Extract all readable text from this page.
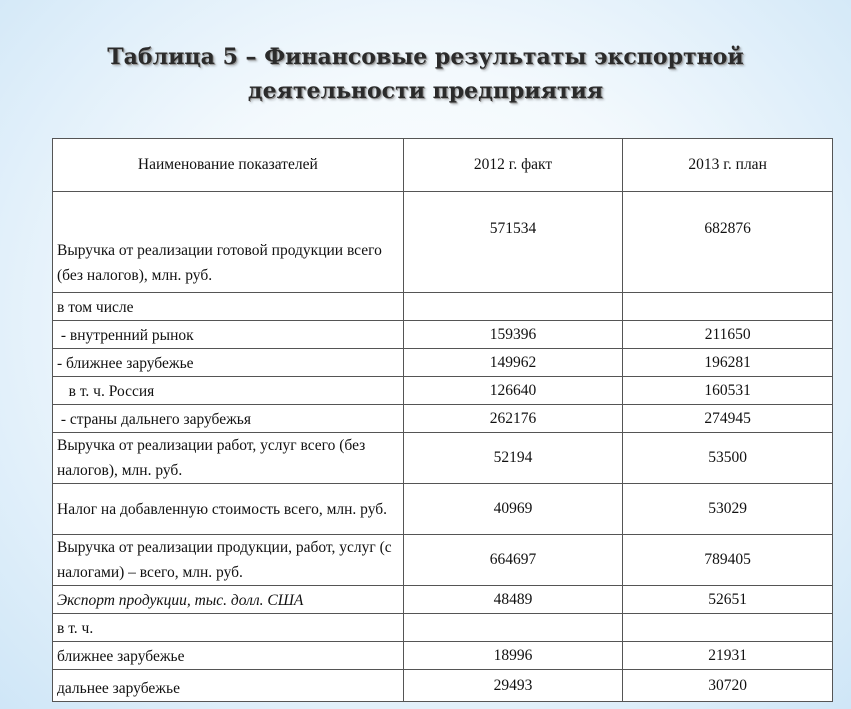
Таблица 5 – Финансовые результаты экспортной
деятельности предприятия
Наименование показателей	2012 г. факт	2013 г. план
Выручка от реализации готовой продукции всего (без налогов), млн. руб.	571534	682876
в том числе		
- внутренний рынок	159396	211650
- ближнее зарубежье	149962	196281
в т. ч. Россия	126640	160531
- страны дальнего зарубежья	262176	274945
Выручка от реализации работ, услуг всего (без налогов), млн. руб.	52194	53500
Налог на добавленную стоимость всего, млн. руб.	40969	53029
Выручка от реализации продукции, работ, услуг (с налогами) – всего, млн. руб.	664697	789405
Экспорт продукции, тыс. долл. США	48489	52651
в т. ч.		
ближнее зарубежье	18996	21931
дальнее зарубежье	29493	30720
